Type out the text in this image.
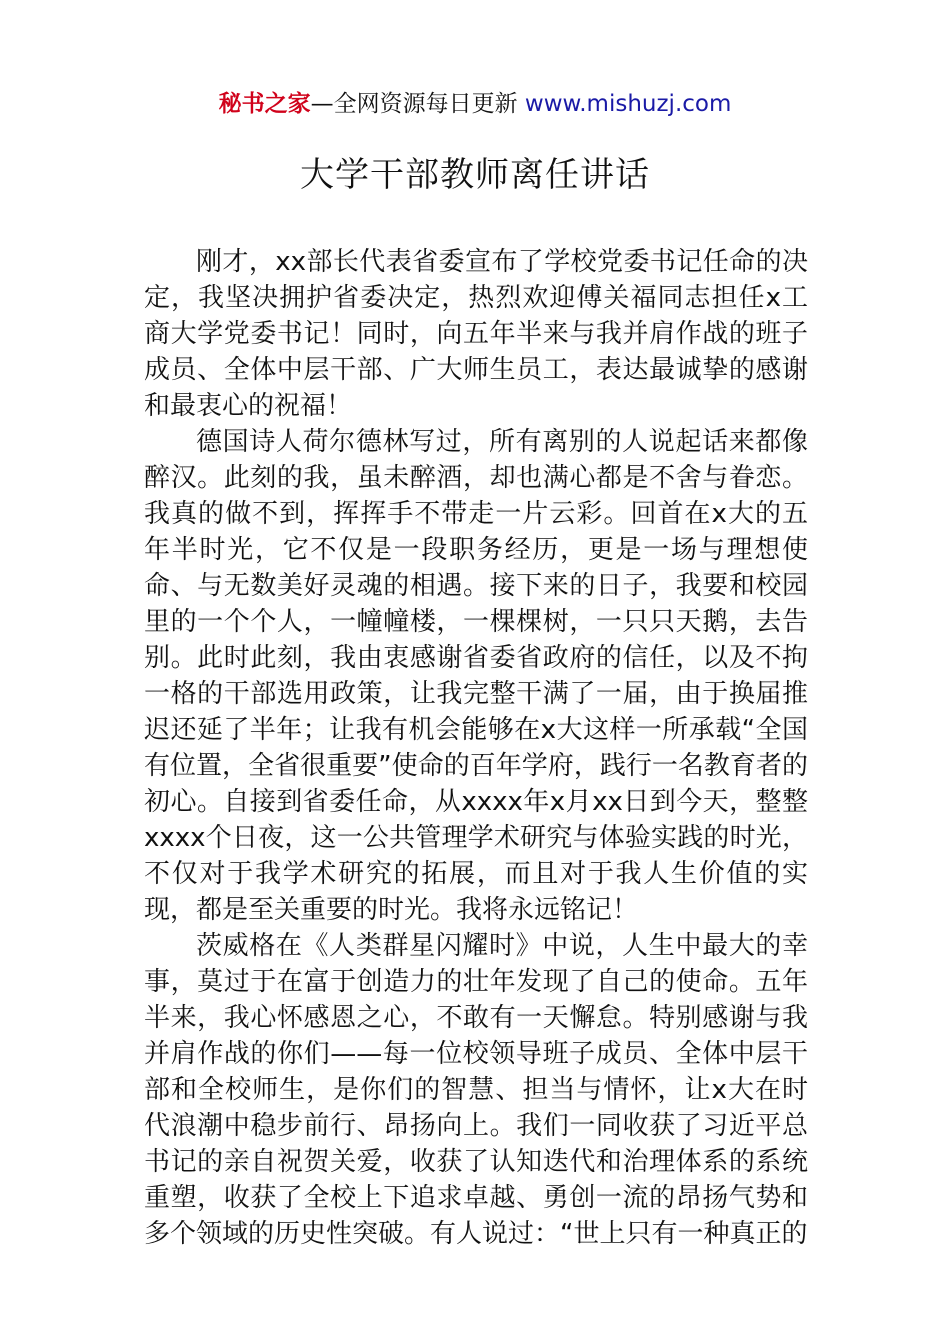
秘书之家—全网资源每日更新 www.mishuzj.com
大学干部教师离任讲话

刚才，xx部长代表省委宣布了学校党委书记任命的决定，我坚决拥护省委决定，热烈欢迎傅关福同志担任x工商大学党委书记！同时，向五年半来与我并肩作战的班子成员、全体中层干部、广大师生员工，表达最诚挚的感谢和最衷心的祝福！

德国诗人荷尔德林写过，所有离别的人说起话来都像醉汉。此刻的我，虽未醉酒，却也满心都是不舍与眷恋。我真的做不到，挥挥手不带走一片云彩。回首在x大的五年半时光，它不仅是一段职务经历，更是一场与理想使命、与无数美好灵魂的相遇。接下来的日子，我要和校园里的一个个人，一幢幢楼，一棵棵树，一只只天鹅，去告别。此时此刻，我由衷感谢省委省政府的信任，以及不拘一格的干部选用政策，让我完整干满了一届，由于换届推迟还延了半年；让我有机会能够在x大这样一所承载“全国有位置，全省很重要”使命的百年学府，践行一名教育者的初心。自接到省委任命，从xxxx年x月xx日到今天，整整xxxx个日夜，这一公共管理学术研究与体验实践的时光，不仅对于我学术研究的拓展，而且对于我人生价值的实现，都是至关重要的时光。我将永远铭记！

茨威格在《人类群星闪耀时》中说，人生中最大的幸事，莫过于在富于创造力的壮年发现了自己的使命。五年半来，我心怀感恩之心，不敢有一天懈怠。特别感谢与我并肩作战的你们——每一位校领导班子成员、全体中层干部和全校师生，是你们的智慧、担当与情怀，让x大在时代浪潮中稳步前行、昂扬向上。我们一同收获了习近平总书记的亲自祝贺关爱，收获了认知迭代和治理体系的系统重塑，收获了全校上下追求卓越、勇创一流的昂扬气势和多个领域的历史性突破。有人说过：“世上只有一种真正的
